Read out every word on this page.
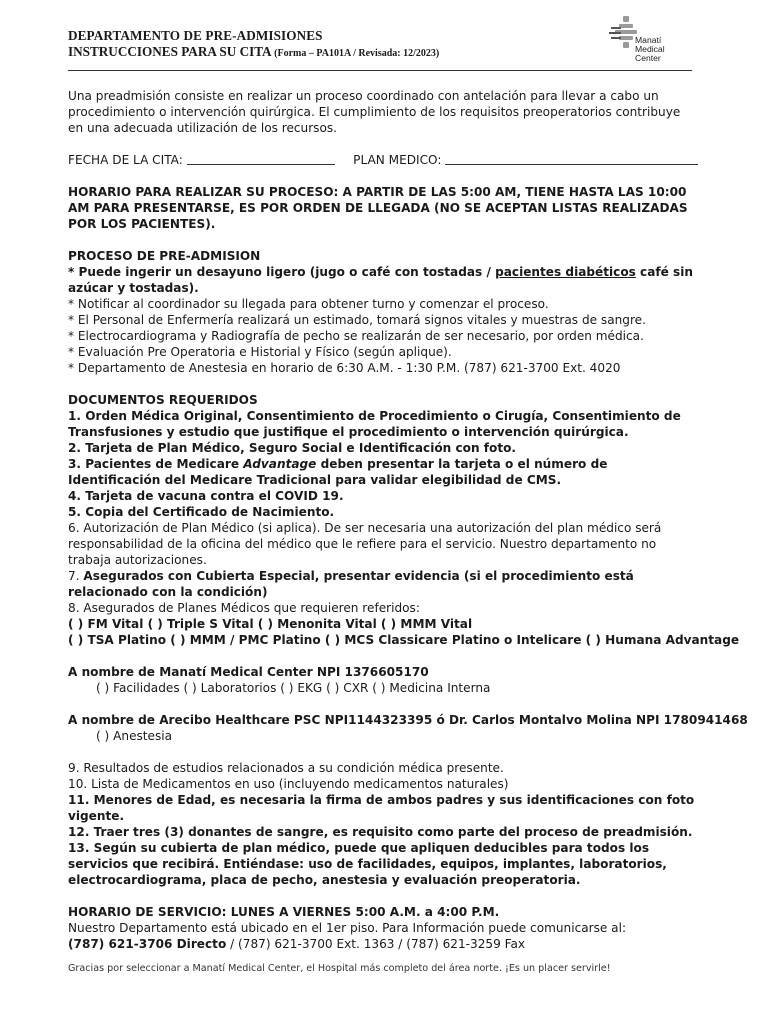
DEPARTAMENTO DE PRE-ADMISIONES
INSTRUCCIONES PARA SU CITA (Forma – PA101A / Revisada: 12/2023)
Manatí
Medical
Center

Una preadmisión consiste en realizar un proceso coordinado con antelación para llevar a cabo un procedimiento o intervención quirúrgica. El cumplimiento de los requisitos preoperatorios contribuye en una adecuada utilización de los recursos.

FECHA DE LA CITA:	PLAN MEDICO:

HORARIO PARA REALIZAR SU PROCESO: A PARTIR DE LAS 5:00 AM, TIENE HASTA LAS 10:00 AM PARA PRESENTARSE, ES POR ORDEN DE LLEGADA (NO SE ACEPTAN LISTAS REALIZADAS POR LOS PACIENTES).

PROCESO DE PRE-ADMISION

* Puede ingerir un desayuno ligero (jugo o café con tostadas / pacientes diabéticos café sin azúcar y tostadas).

* Notificar al coordinador su llegada para obtener turno y comenzar el proceso.

* El Personal de Enfermería realizará un estimado, tomará signos vitales y muestras de sangre.

* Electrocardiograma y Radiografía de pecho se realizarán de ser necesario, por orden médica.

* Evaluación Pre Operatoria e Historial y Físico (según aplique).

* Departamento de Anestesia en horario de 6:30 A.M. - 1:30 P.M. (787) 621-3700 Ext. 4020

DOCUMENTOS REQUERIDOS

1. Orden Médica Original, Consentimiento de Procedimiento o Cirugía, Consentimiento de Transfusiones y estudio que justifique el procedimiento o intervención quirúrgica.

2. Tarjeta de Plan Médico, Seguro Social e Identificación con foto.

3. Pacientes de Medicare Advantage deben presentar la tarjeta o el número de Identificación del Medicare Tradicional para validar elegibilidad de CMS.

4. Tarjeta de vacuna contra el COVID 19.

5. Copia del Certificado de Nacimiento.

6. Autorización de Plan Médico (si aplica). De ser necesaria una autorización del plan médico será responsabilidad de la oficina del médico que le refiere para el servicio. Nuestro departamento no trabaja autorizaciones.

7. Asegurados con Cubierta Especial, presentar evidencia (si el procedimiento está relacionado con la condición)

8. Asegurados de Planes Médicos que requieren referidos:

( ) FM Vital ( ) Triple S Vital ( ) Menonita Vital ( ) MMM Vital

( ) TSA Platino ( ) MMM / PMC Platino ( ) MCS Classicare Platino o Intelicare ( ) Humana Advantage

A nombre de Manatí Medical Center NPI 1376605170

( ) Facilidades ( ) Laboratorios ( ) EKG ( ) CXR ( ) Medicina Interna

A nombre de Arecibo Healthcare PSC NPI1144323395 ó Dr. Carlos Montalvo Molina NPI 1780941468

( ) Anestesia

9. Resultados de estudios relacionados a su condición médica presente.

10. Lista de Medicamentos en uso (incluyendo medicamentos naturales)

11. Menores de Edad, es necesaria la firma de ambos padres y sus identificaciones con foto vigente.

12. Traer tres (3) donantes de sangre, es requisito como parte del proceso de preadmisión.

13. Según su cubierta de plan médico, puede que apliquen deducibles para todos los servicios que recibirá. Entiéndase: uso de facilidades, equipos, implantes, laboratorios, electrocardiograma, placa de pecho, anestesia y evaluación preoperatoria.

HORARIO DE SERVICIO: LUNES A VIERNES 5:00 A.M. a 4:00 P.M.

Nuestro Departamento está ubicado en el 1er piso. Para Información puede comunicarse al:

(787) 621-3706 Directo / (787) 621-3700 Ext. 1363 / (787) 621-3259 Fax

Gracias por seleccionar a Manatí Medical Center, el Hospital más completo del área norte. ¡Es un placer servirle!
